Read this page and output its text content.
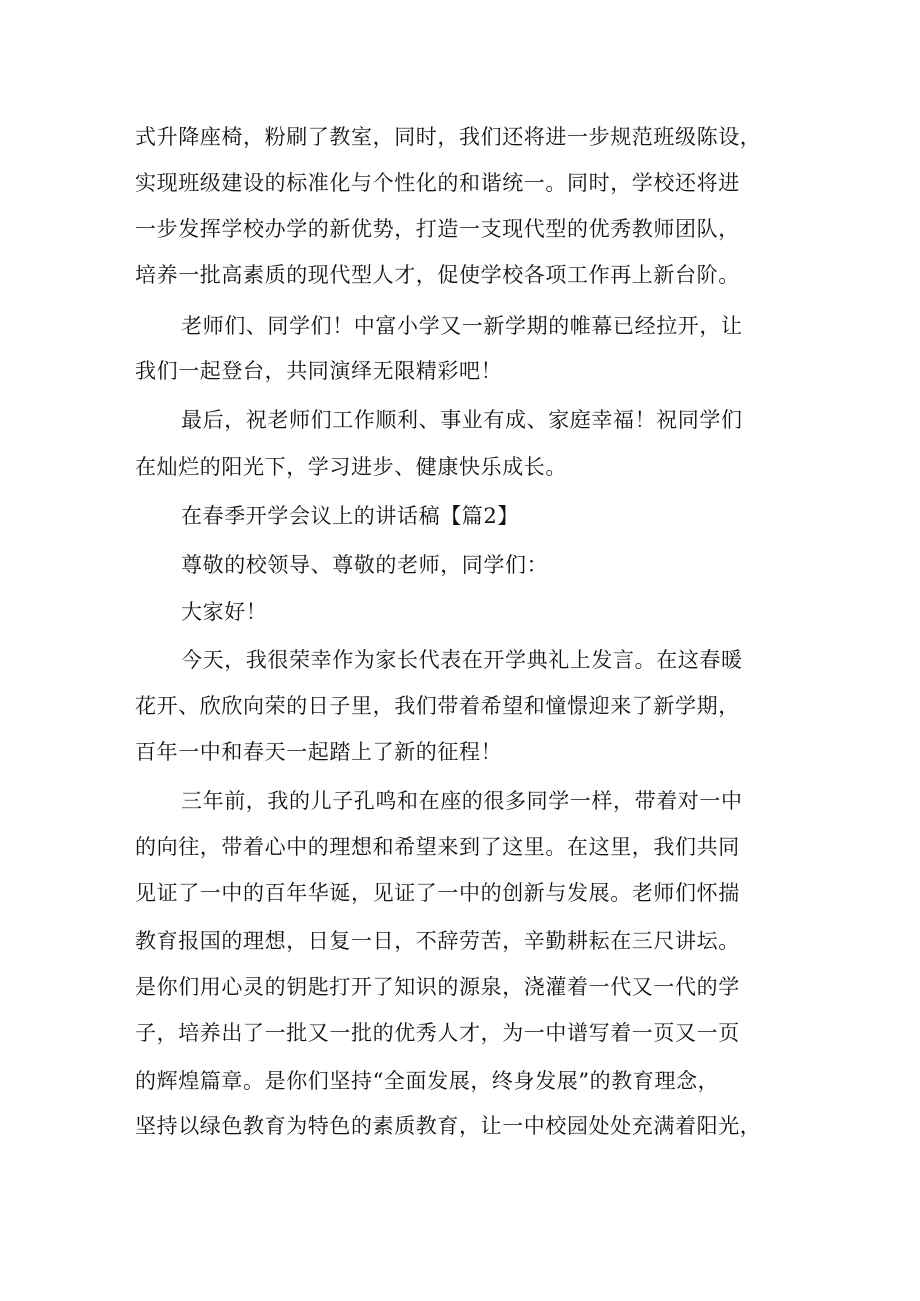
式升降座椅，粉刷了教室，同时，我们还将进一步规范班级陈设，
实现班级建设的标准化与个性化的和谐统一。同时，学校还将进
一步发挥学校办学的新优势，打造一支现代型的优秀教师团队，
培养一批高素质的现代型人才，促使学校各项工作再上新台阶。
老师们、同学们！中富小学又一新学期的帷幕已经拉开，让
我们一起登台，共同演绎无限精彩吧！
最后，祝老师们工作顺利、事业有成、家庭幸福！祝同学们
在灿烂的阳光下，学习进步、健康快乐成长。
在春季开学会议上的讲话稿【篇2】
尊敬的校领导、尊敬的老师，同学们：
大家好！
今天，我很荣幸作为家长代表在开学典礼上发言。在这春暖
花开、欣欣向荣的日子里，我们带着希望和憧憬迎来了新学期，
百年一中和春天一起踏上了新的征程！
三年前，我的儿子孔鸣和在座的很多同学一样，带着对一中
的向往，带着心中的理想和希望来到了这里。在这里，我们共同
见证了一中的百年华诞，见证了一中的创新与发展。老师们怀揣
教育报国的理想，日复一日，不辞劳苦，辛勤耕耘在三尺讲坛。
是你们用心灵的钥匙打开了知识的源泉，浇灌着一代又一代的学
子，培养出了一批又一批的优秀人才，为一中谱写着一页又一页
的辉煌篇章。是你们坚持“全面发展，终身发展”的教育理念，
坚持以绿色教育为特色的素质教育，让一中校园处处充满着阳光，
